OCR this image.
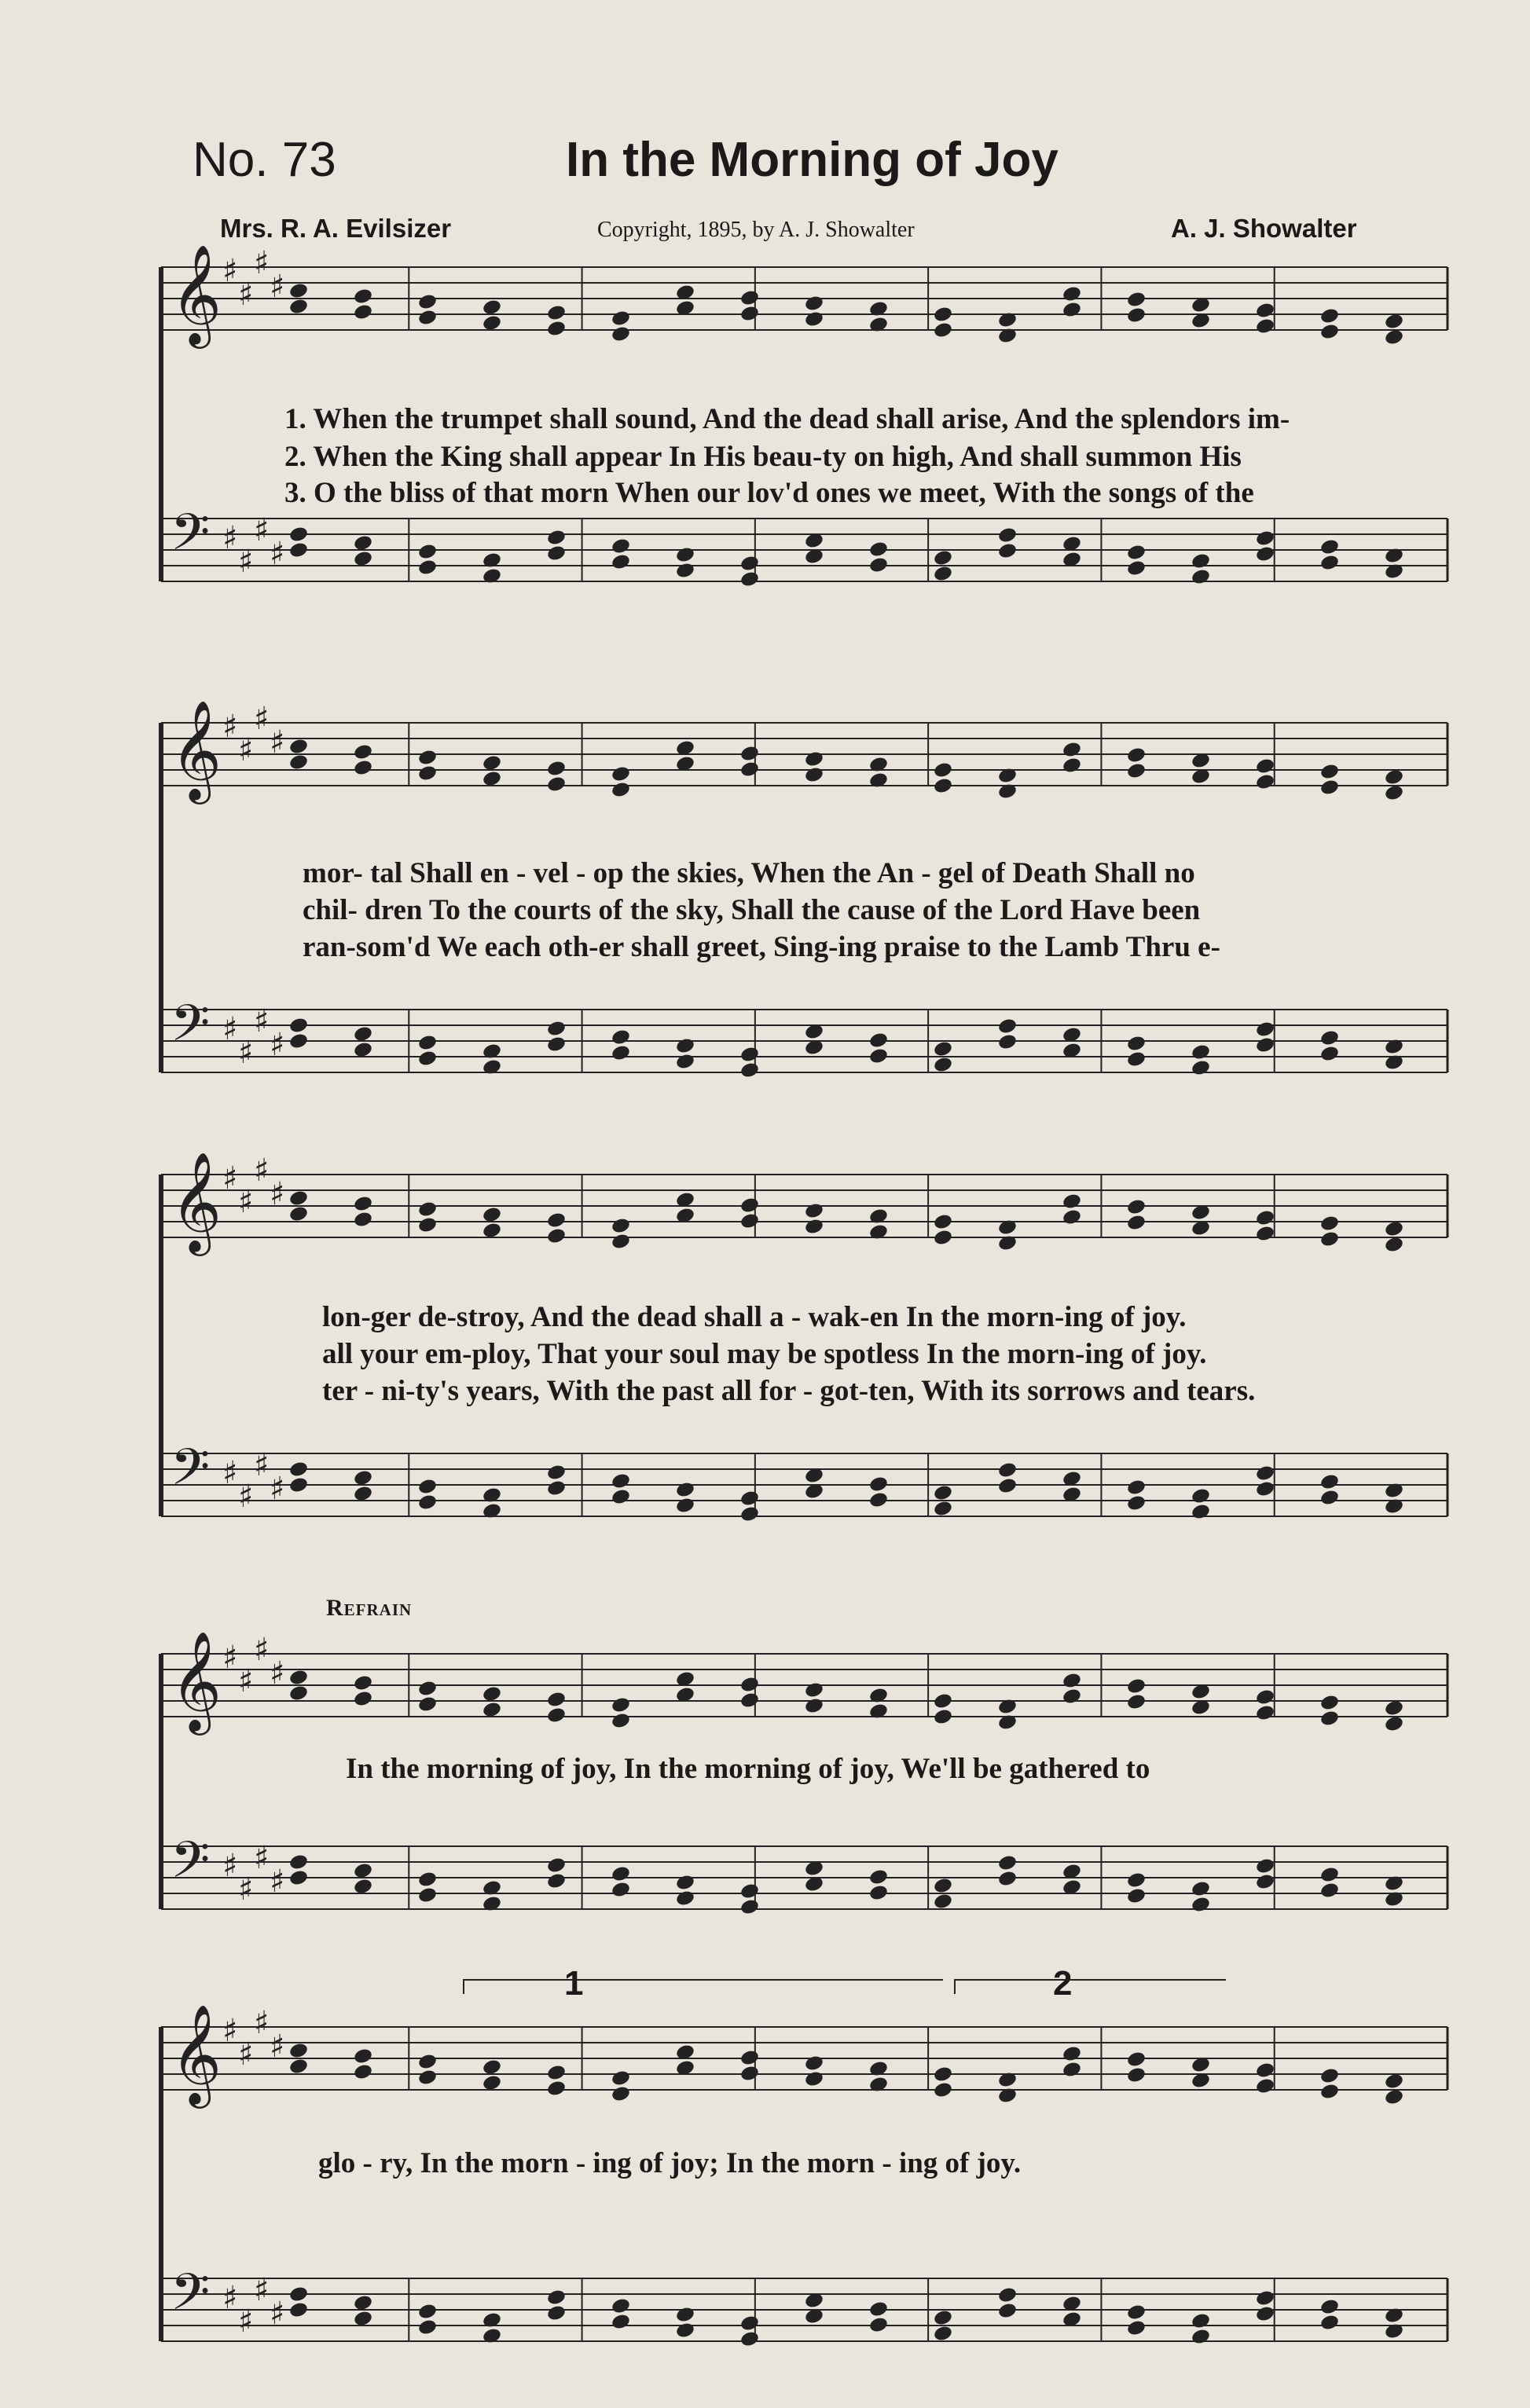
No. 73	In the Morning of Joy
Mrs. R. A. Evilsizer	Copyright, 1895, by A. J. Showalter	A. J. Showalter
𝄞 ♯
♯
♯
♯
𝄢 ♯
♯
♯
♯
1. When the trumpet shall sound, And the dead shall arise, And the splendors im-
2. When the King shall appear In His beau-ty on high, And shall summon His
3. O the bliss of that morn When our lov'd ones we meet, With the songs of the
𝄞 ♯
♯
♯
♯
𝄢 ♯
♯
♯
♯
mor- tal Shall en - vel - op the skies, When the An - gel of Death Shall no
chil- dren To the courts of the sky, Shall the cause of the Lord Have been
ran-som'd We each oth-er shall greet, Sing-ing praise to the Lamb Thru e-
𝄞 ♯
♯
♯
♯
𝄢 ♯
♯
♯
♯
lon-ger de-stroy, And the dead shall a - wak-en In the morn-ing of joy.
all your em-ploy, That your soul may be spotless In the morn-ing of joy.
ter - ni-ty's years, With the past all for - got-ten, With its sorrows and tears.
Refrain
𝄞 ♯
♯
♯
♯
𝄢 ♯
♯
♯
♯
In the morning of joy, In the morning of joy, We'll be gathered to
1	2
𝄞 ♯
♯
♯
♯
𝄢 ♯
♯
♯
♯
glo - ry, In the morn - ing of joy; In the morn - ing of joy.
